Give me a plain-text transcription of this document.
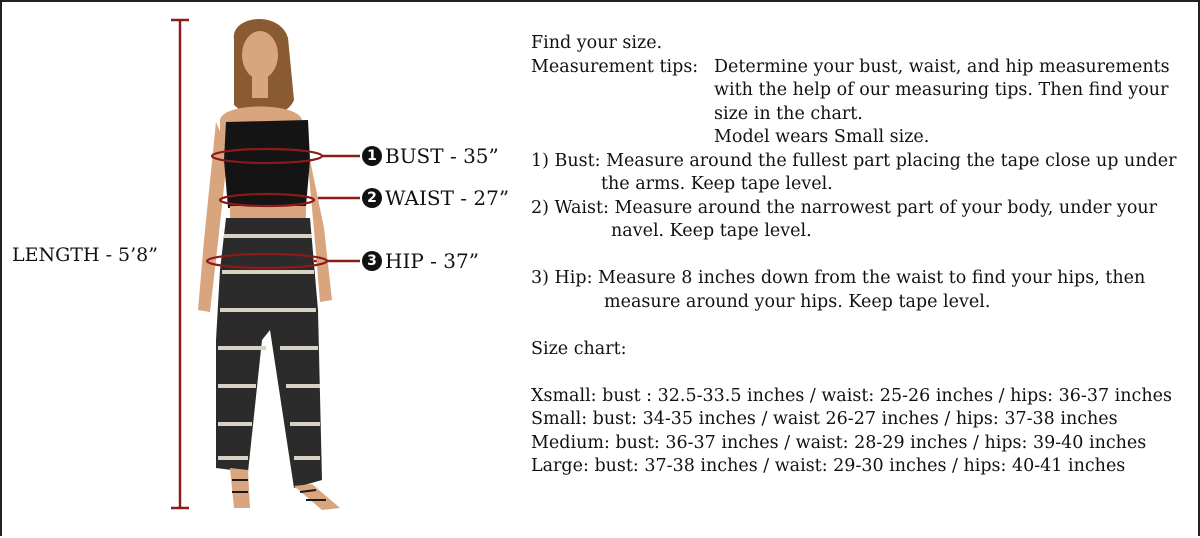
LENGTH - 5’8”
1 BUST - 35”
2 WAIST - 27”
3 HIP - 37”
Find your size.
Measurement tips: Determine your bust, waist, and hip measurements
with the help of our measuring tips. Then find your
size in the chart.
Model wears Small size.
1) Bust: Measure around the fullest part placing the tape close up under
the arms. Keep tape level.
2) Waist: Measure around the narrowest part of your body, under your
navel. Keep tape level.
3) Hip: Measure 8 inches down from the waist to find your hips, then
measure around your hips. Keep tape level.
Size chart:
Xsmall: bust : 32.5-33.5 inches / waist: 25-26 inches / hips: 36-37 inches
Small: bust: 34-35 inches / waist 26-27 inches / hips: 37-38 inches
Medium: bust: 36-37 inches / waist: 28-29 inches / hips: 39-40 inches
Large: bust: 37-38 inches / waist: 29-30 inches / hips: 40-41 inches
